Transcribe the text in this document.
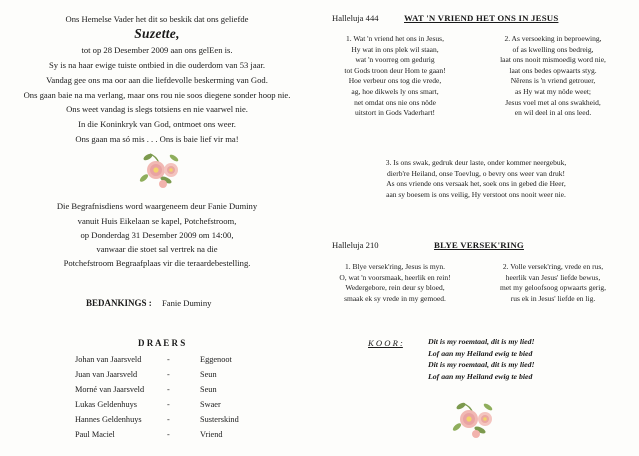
Ons Hemelse Vader het dit so beskik dat ons geliefde
Suzette,
tot op 28 Desember 2009 aan ons gelEen is.
Sy is na haar ewige tuiste ontbied in die ouderdom van 53 jaar.
Vandag gee ons ma oor aan die liefdevolle beskerming van God.
Ons gaan baie na ma verlang, maar ons rou nie soos diegene sonder hoop nie.
Ons weet vandag is slegs totsiens en nie vaarwel nie.
In die Koninkryk van God, ontmoet ons weer.
Ons gaan ma só mis . . . Ons is baie lief vir ma!
Die Begrafnisdiens word waargeneem deur Fanie Duminy
vanuit Huis Eikelaan se kapel, Potchefstroom,
op Donderdag 31 Desember 2009 om 14:00,
vanwaar die stoet sal vertrek na die
Potchefstroom Begraafplaas vir die teraardebestelling.
BEDANKINGS : Fanie Duminy
D R A E R S
Johan van Jaarsveld	-	Eggenoot
Juan van Jaarsveld	-	Seun
Morné van Jaarsveld	-	Seun
Lukas Geldenhuys	-	Swaer
Hannes Geldenhuys	-	Susterskind
Paul Maciel	-	Vriend
Halleluja 444	WAT 'N VRIEND HET ONS IN JESUS
1. Wat 'n vriend het ons in Jesus,
Hy wat in ons plek wil staan,
wat 'n voorreg om gedurig
tot Gods troon deur Hom te gaan!
Hoe verbeur ons tog die vrede,
ag, hoe dikwels ly ons smart,
net omdat ons nie ons nöde
uitstort in Gods Vaderhart!
2. As versoeking in beproewing,
of as kwelling ons bedreig,
laat ons nooit mismoedig word nie,
laat ons bedes opwaarts styg.
Nêrens is 'n vriend getrouer,
as Hy wat my nöde weet;
Jesus voel met al ons swakheid,
en wil deel in al ons leed.
3. Is ons swak, gedruk deur laste, onder kommer neergebuk,
dierb're Heiland, onse Toevlug, o bevry ons weer van druk!
As ons vriende ons versaak het, soek ons in gebed die Heer,
aan sy boesem is ons veilig, Hy verstoot ons nooit weer nie.
Halleluja 210	BLYE VERSEK'RING
1. Blye versek'ring, Jesus is myn.
O, wat 'n voorsmaak, heerlik en rein!
Wedergebore, rein deur sy bloed,
smaak ek sy vrede in my gemoed.
2. Volle versek'ring, vrede en rus,
heerlik van Jesus' liefde bewus,
met my geloofsoog opwaarts gerig,
rus ek in Jesus' liefde en lig.
K O O R :	Dit is my roemtaal, dit is my lied!
Lof aan my Heiland ewig te bied
Dit is my roemtaal, dit is my lied!
Lof aan my Heiland ewig te bied
